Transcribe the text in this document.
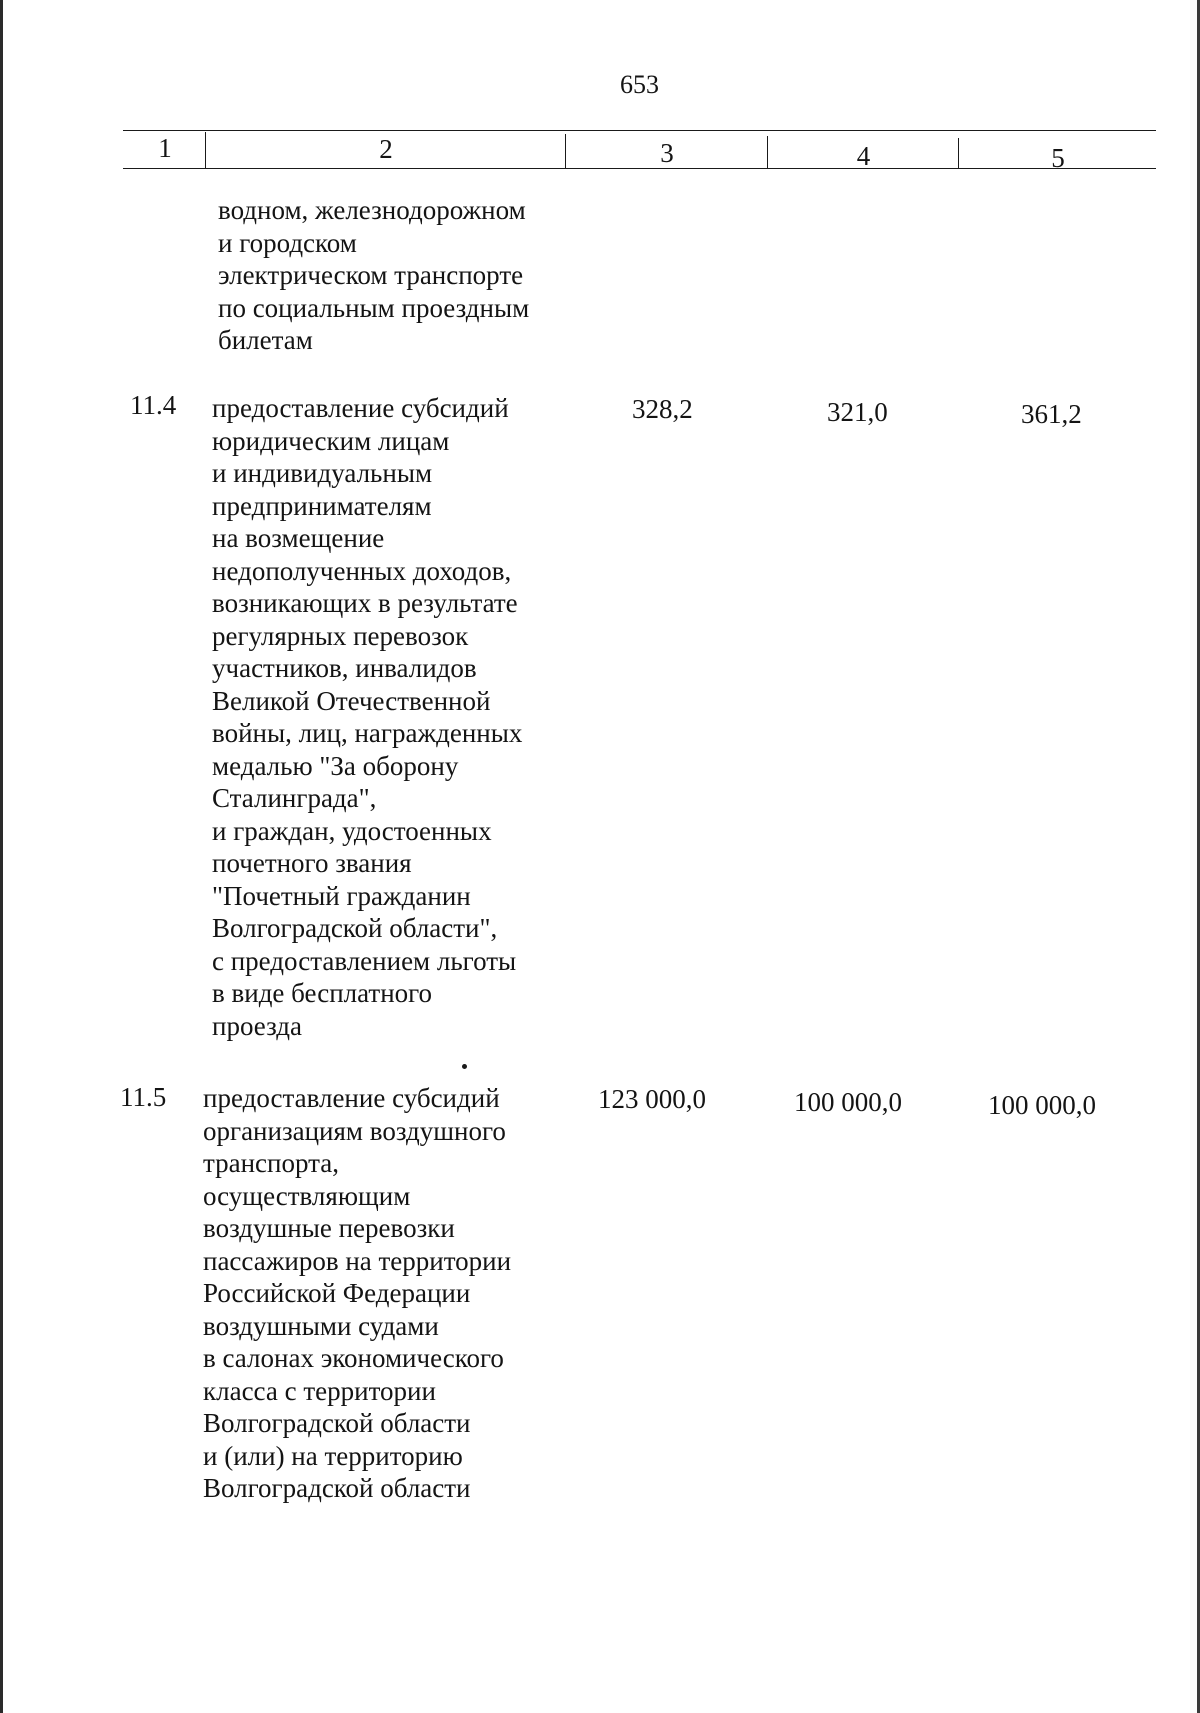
653
1	2	3	4	5
водном, железнодорожном
и городском
электрическом транспорте
по социальным проездным
билетам
11.4 предоставление субсидий
юридическим лицам
и индивидуальным
предпринимателям
на возмещение
недополученных доходов,
возникающих в результате
регулярных перевозок
участников, инвалидов
Великой Отечественной
войны, лиц, награжденных
медалью "За оборону
Сталинграда",
и граждан, удостоенных
почетного звания
"Почетный гражданин
Волгоградской области",
с предоставлением льготы
в виде бесплатного
проезда
328,2	321,0	361,2
11.5 предоставление субсидий
организациям воздушного
транспорта,
осуществляющим
воздушные перевозки
пассажиров на территории
Российской Федерации
воздушными судами
в салонах экономического
класса с территории
Волгоградской области
и (или) на территорию
Волгоградской области
123 000,0	100 000,0	100 000,0
